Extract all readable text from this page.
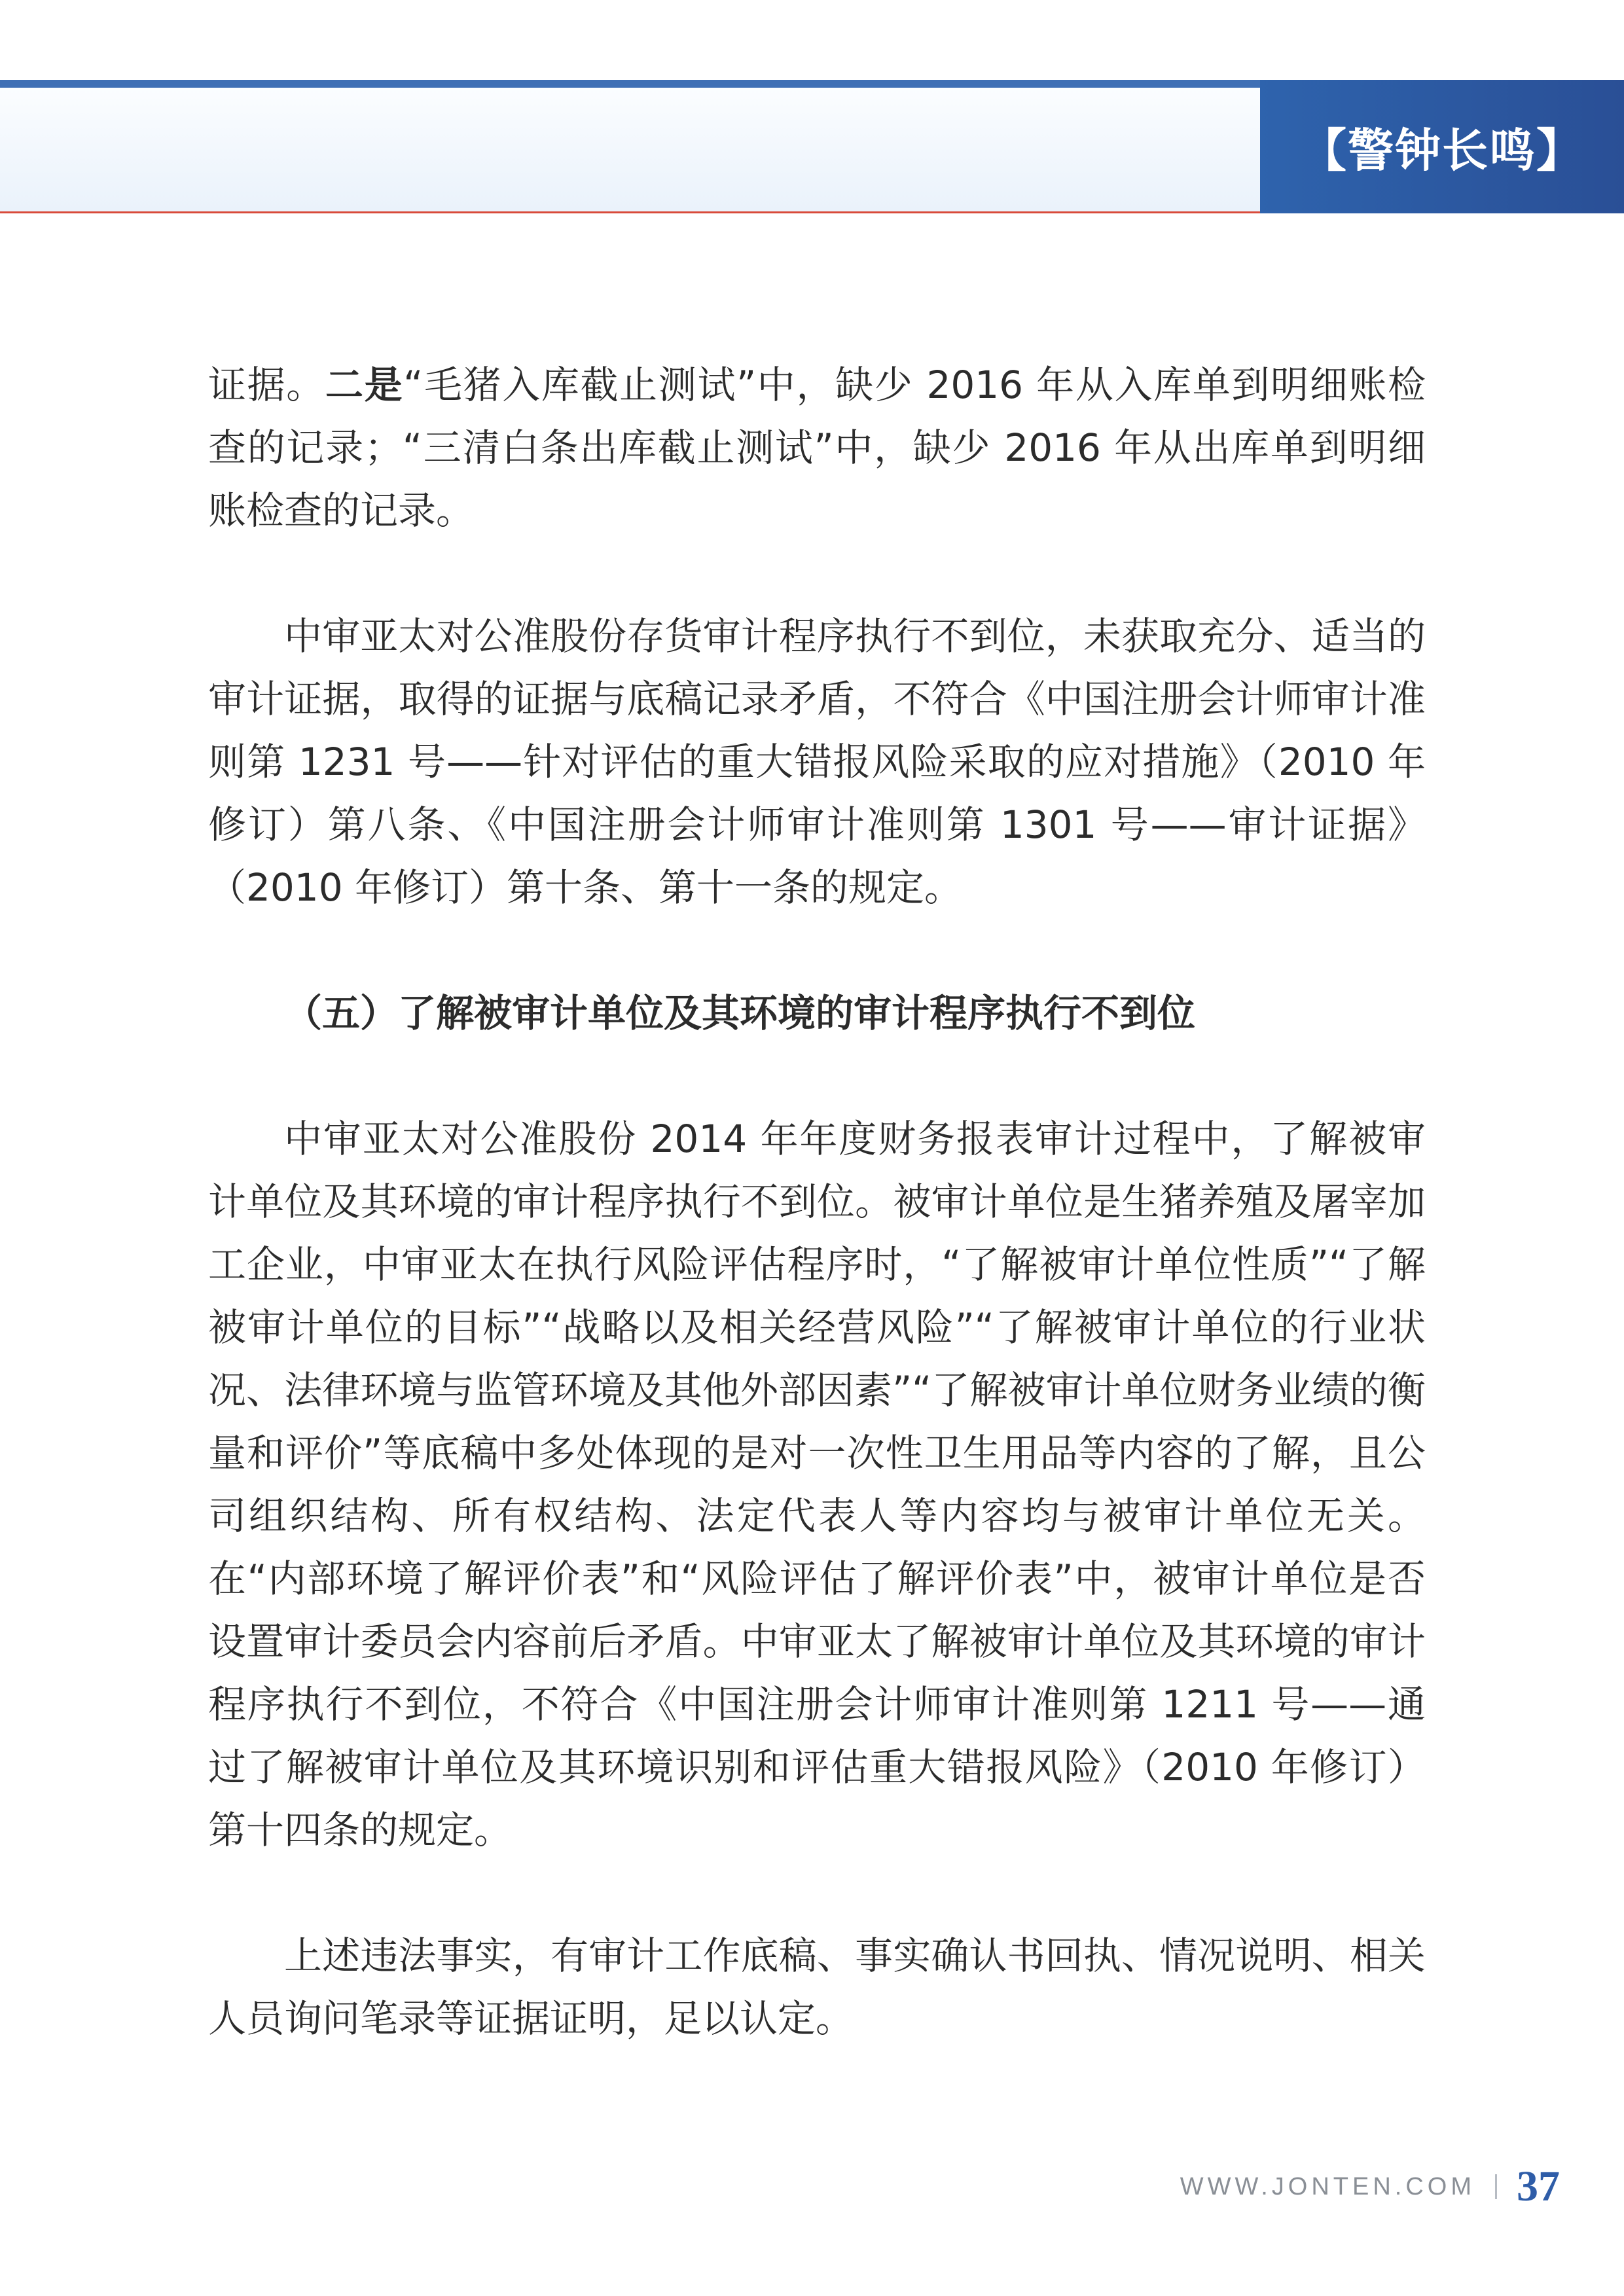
【警钟长鸣】

证据。二是“毛猪入库截止测试”中，缺少 2016 年从入库单到明细账检查的记录；“三清白条出库截止测试”中，缺少 2016 年从出库单到明细账检查的记录。

中审亚太对公准股份存货审计程序执行不到位，未获取充分、适当的审计证据，取得的证据与底稿记录矛盾，不符合《中国注册会计师审计准则第 1231 号——针对评估的重大错报风险采取的应对措施》（2010 年修订）第八条、《中国注册会计师审计准则第 1301 号——审计证据》（2010 年修订）第十条、第十一条的规定。

（五）了解被审计单位及其环境的审计程序执行不到位

中审亚太对公准股份 2014 年年度财务报表审计过程中，了解被审计单位及其环境的审计程序执行不到位。被审计单位是生猪养殖及屠宰加工企业，中审亚太在执行风险评估程序时，“了解被审计单位性质”“了解被审计单位的目标”“战略以及相关经营风险”“了解被审计单位的行业状况、法律环境与监管环境及其他外部因素”“了解被审计单位财务业绩的衡量和评价”等底稿中多处体现的是对一次性卫生用品等内容的了解，且公司组织结构、所有权结构、法定代表人等内容均与被审计单位无关。在“内部环境了解评价表”和“风险评估了解评价表”中，被审计单位是否设置审计委员会内容前后矛盾。中审亚太了解被审计单位及其环境的审计程序执行不到位，不符合《中国注册会计师审计准则第 1211 号——通过了解被审计单位及其环境识别和评估重大错报风险》（2010 年修订）第十四条的规定。

上述违法事实，有审计工作底稿、事实确认书回执、情况说明、相关人员询问笔录等证据证明，足以认定。

WWW.JONTEN.COM 37
